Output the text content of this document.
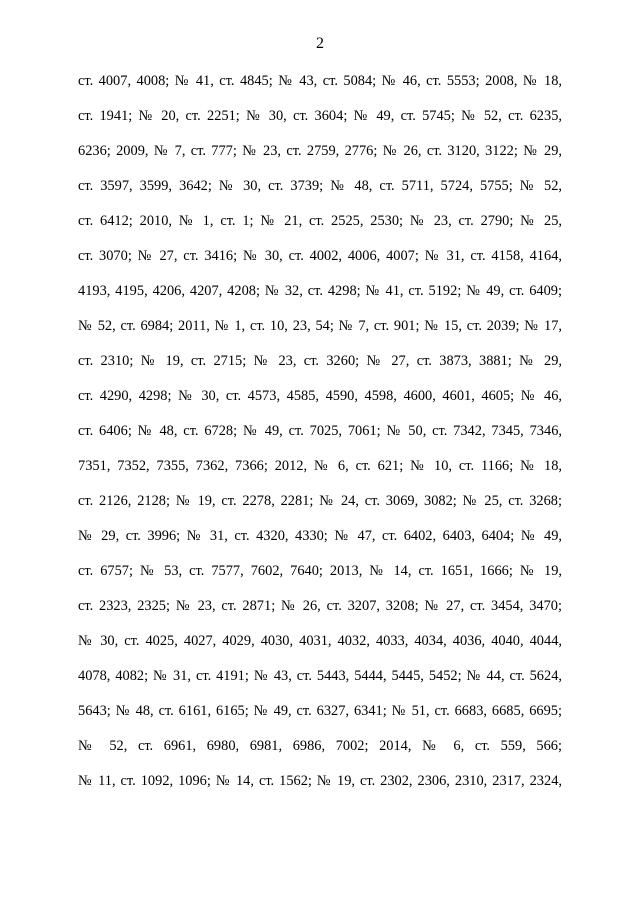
2
ст. 4007, 4008; № 41, ст. 4845; № 43, ст. 5084; № 46, ст. 5553; 2008, № 18,
ст. 1941; № 20, ст. 2251; № 30, ст. 3604; № 49, ст. 5745; № 52, ст. 6235,
6236; 2009, № 7, ст. 777; № 23, ст. 2759, 2776; № 26, ст. 3120, 3122; № 29,
ст. 3597, 3599, 3642; № 30, ст. 3739; № 48, ст. 5711, 5724, 5755; № 52,
ст. 6412; 2010, № 1, ст. 1; № 21, ст. 2525, 2530; № 23, ст. 2790; № 25,
ст. 3070; № 27, ст. 3416; № 30, ст. 4002, 4006, 4007; № 31, ст. 4158, 4164,
4193, 4195, 4206, 4207, 4208; № 32, ст. 4298; № 41, ст. 5192; № 49, ст. 6409;
№ 52, ст. 6984; 2011, № 1, ст. 10, 23, 54; № 7, ст. 901; № 15, ст. 2039; № 17,
ст. 2310; № 19, ст. 2715; № 23, ст. 3260; № 27, ст. 3873, 3881; № 29,
ст. 4290, 4298; № 30, ст. 4573, 4585, 4590, 4598, 4600, 4601, 4605; № 46,
ст. 6406; № 48, ст. 6728; № 49, ст. 7025, 7061; № 50, ст. 7342, 7345, 7346,
7351, 7352, 7355, 7362, 7366; 2012, № 6, ст. 621; № 10, ст. 1166; № 18,
ст. 2126, 2128; № 19, ст. 2278, 2281; № 24, ст. 3069, 3082; № 25, ст. 3268;
№ 29, ст. 3996; № 31, ст. 4320, 4330; № 47, ст. 6402, 6403, 6404; № 49,
ст. 6757; № 53, ст. 7577, 7602, 7640; 2013, № 14, ст. 1651, 1666; № 19,
ст. 2323, 2325; № 23, ст. 2871; № 26, ст. 3207, 3208; № 27, ст. 3454, 3470;
№ 30, ст. 4025, 4027, 4029, 4030, 4031, 4032, 4033, 4034, 4036, 4040, 4044,
4078, 4082; № 31, ст. 4191; № 43, ст. 5443, 5444, 5445, 5452; № 44, ст. 5624,
5643; № 48, ст. 6161, 6165; № 49, ст. 6327, 6341; № 51, ст. 6683, 6685, 6695;
№ 52, ст. 6961, 6980, 6981, 6986, 7002; 2014, № 6, ст. 559, 566;
№ 11, ст. 1092, 1096; № 14, ст. 1562; № 19, ст. 2302, 2306, 2310, 2317, 2324,
